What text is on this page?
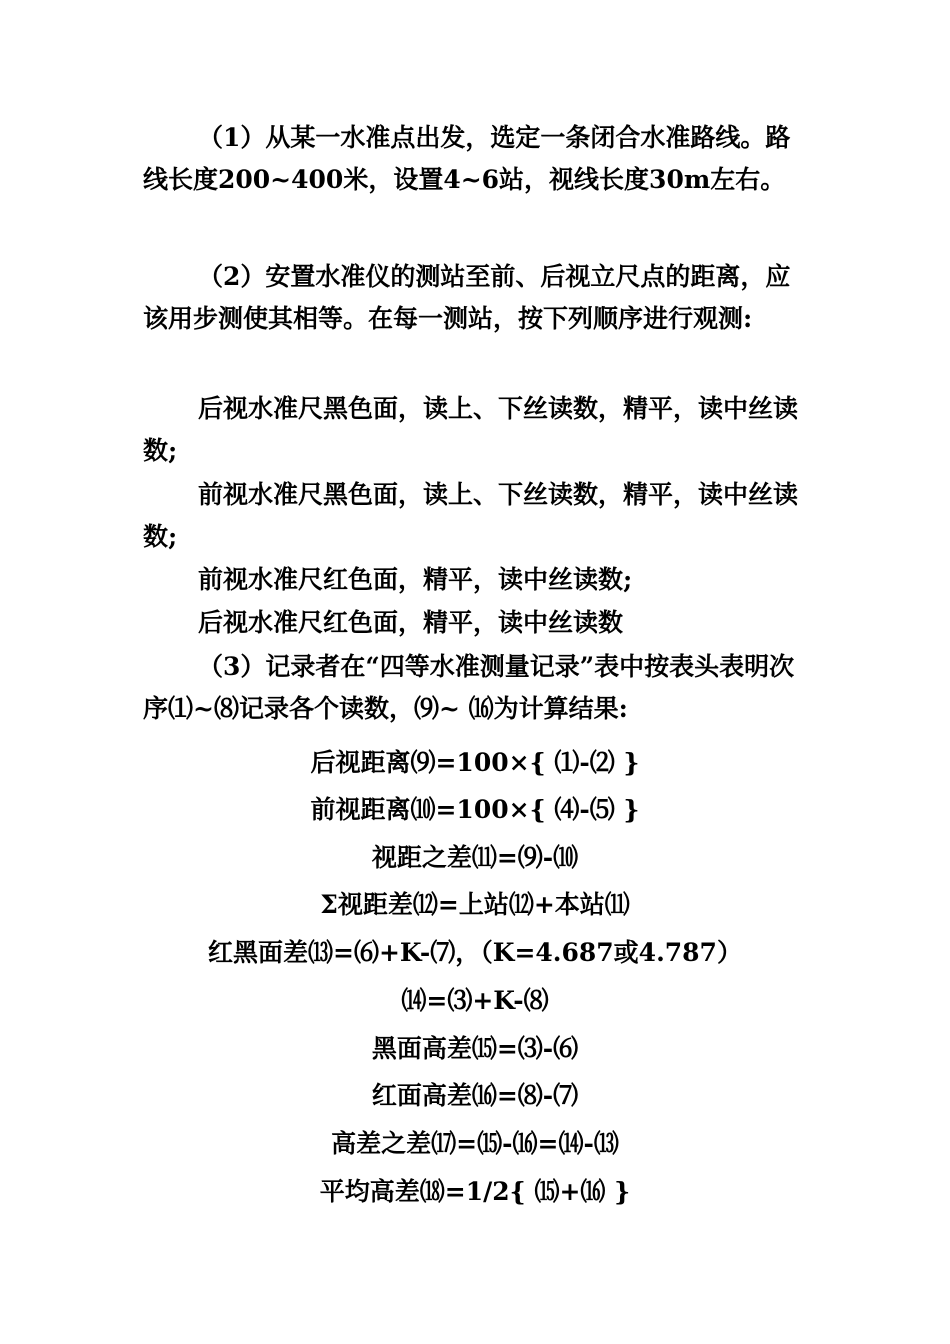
（1）从某一水准点出发，选定一条闭合水准路线。路线长度200~400米，设置4~6站，视线长度30m左右。

（2）安置水准仪的测站至前、后视立尺点的距离，应该用步测使其相等。在每一测站，按下列顺序进行观测:

后视水准尺黑色面，读上、下丝读数，精平，读中丝读数;

前视水准尺黑色面，读上、下丝读数，精平，读中丝读数;

前视水准尺红色面，精平，读中丝读数;

后视水准尺红色面，精平，读中丝读数

（3）记录者在“四等水准测量记录”表中按表头表明次序⑴~⑻记录各个读数，⑼~ ⒃为计算结果:

后视距离⑼=100×{ ⑴-⑵ }

前视距离⑽=100×{ ⑷-⑸ }

视距之差⑾=⑼-⑽

Σ视距差⑿=上站⑿+本站⑾

红黑面差⒀=⑹+K-⑺，（K=4.687或4.787）

⒁=⑶+K-⑻

黑面高差⒂=⑶-⑹

红面高差⒃=⑻-⑺

高差之差⒄=⒂-⒃=⒁-⒀

平均高差⒅=1/2{ ⒂+⒃ }
